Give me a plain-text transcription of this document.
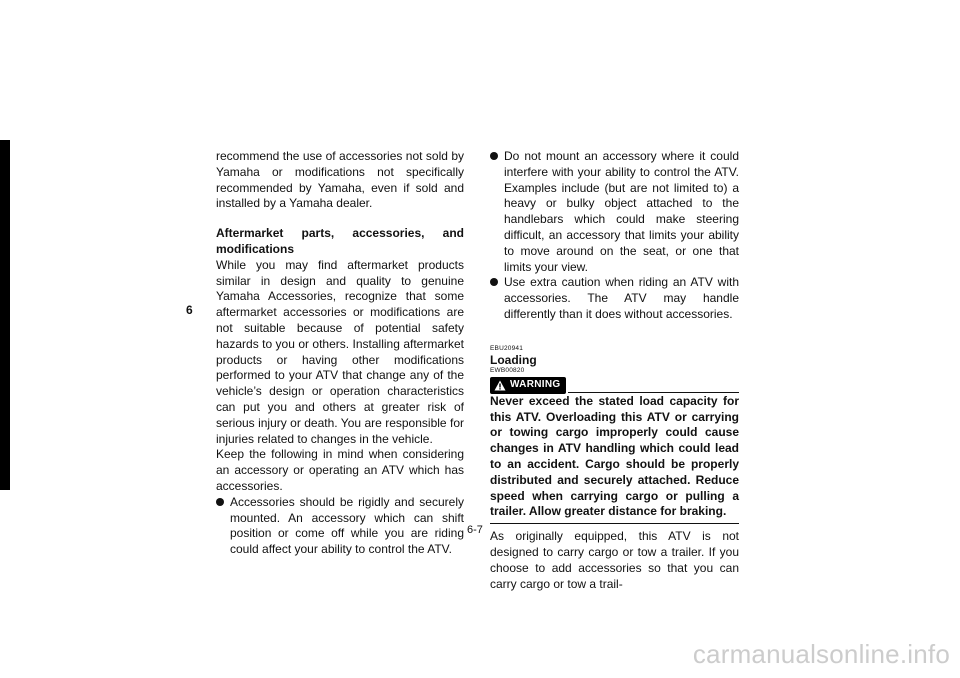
6

recommend the use of accessories not sold by Yamaha or modifications not specifically recommended by Yamaha, even if sold and installed by a Yamaha dealer.

Aftermarket parts, accessories, and modifications

While you may find aftermarket products similar in design and quality to genuine Yamaha Accessories, recognize that some aftermarket accessories or modifications are not suitable because of potential safety hazards to you or others. Installing aftermarket products or having other modifications performed to your ATV that change any of the vehicle’s design or operation characteristics can put you and others at greater risk of serious injury or death. You are responsible for injuries related to changes in the vehicle.

Keep the following in mind when considering an accessory or operating an ATV which has accessories.

Accessories should be rigidly and securely mounted. An accessory which can shift position or come off while you are riding could affect your ability to control the ATV.
Do not mount an accessory where it could interfere with your ability to control the ATV. Examples include (but are not limited to) a heavy or bulky object attached to the handlebars which could make steering difficult, an accessory that limits your ability to move around on the seat, or one that limits your view.
Use extra caution when riding an ATV with accessories. The ATV may handle differently than it does without accessories.

EBU20941

Loading

EWB00820

WARNING

Never exceed the stated load capacity for this ATV. Overloading this ATV or carrying or towing cargo improperly could cause changes in ATV handling which could lead to an accident. Cargo should be properly distributed and securely attached. Reduce speed when carrying cargo or pulling a trailer. Allow greater distance for braking.

As originally equipped, this ATV is not designed to carry cargo or tow a trailer. If you choose to add accessories so that you can carry cargo or tow a trail-

6-7
carmanualsonline.info
